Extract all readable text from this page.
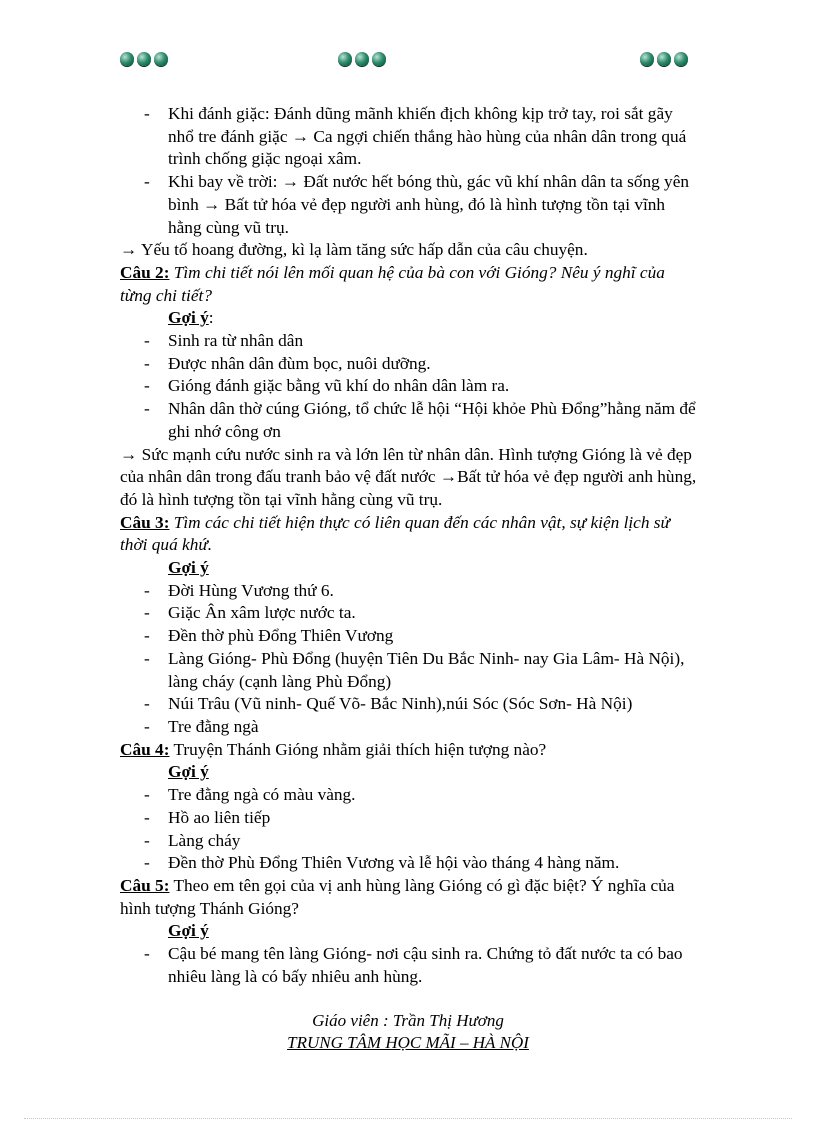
- Khi đánh giặc: Đánh dũng mãnh khiến địch không kịp trở tay, roi sắt gãy nhổ tre đánh giặc → Ca ngợi chiến thắng hào hùng của nhân dân trong quá trình chống giặc ngoại xâm.

- Khi bay về trời: → Đất nước hết bóng thù, gác vũ khí nhân dân ta sống yên bình → Bất tử hóa vẻ đẹp người anh hùng, đó là hình tượng tồn tại vĩnh hằng cùng vũ trụ.

→ Yếu tố hoang đường, kì lạ làm tăng sức hấp dẫn của câu chuyện.

Câu 2: Tìm chi tiết nói lên mối quan hệ của bà con với Gióng? Nêu ý nghĩ của từng chi tiết?

Gợi ý:

- Sinh ra từ nhân dân

- Được nhân dân đùm bọc, nuôi dưỡng.

- Gióng đánh giặc bằng vũ khí do nhân dân làm ra.

- Nhân dân thờ cúng Gióng, tổ chức lễ hội “Hội khỏe Phù Đổng”hằng năm để ghi nhớ công ơn

→ Sức mạnh cứu nước sinh ra và lớn lên từ nhân dân. Hình tượng Gióng là vẻ đẹp của nhân dân trong đấu tranh bảo vệ đất nước →Bất tử hóa vẻ đẹp người anh hùng, đó là hình tượng tồn tại vĩnh hằng cùng vũ trụ.

Câu 3: Tìm các chi tiết hiện thực có liên quan đến các nhân vật, sự kiện lịch sử thời quá khứ.

Gợi ý

- Đời Hùng Vương thứ 6.

- Giặc Ân xâm lược nước ta.

- Đền thờ phù Đổng Thiên Vương

- Làng Gióng- Phù Đổng (huyện Tiên Du Bắc Ninh- nay Gia Lâm- Hà Nội), làng cháy (cạnh làng Phù Đổng)

- Núi Trâu (Vũ ninh- Quế Võ- Bắc Ninh),núi Sóc (Sóc Sơn- Hà Nội)

- Tre đằng ngà

Câu 4: Truyện Thánh Gióng nhằm giải thích hiện tượng nào?

Gợi ý

- Tre đằng ngà có màu vàng.

- Hồ ao liên tiếp

- Làng cháy

- Đền thờ Phù Đổng Thiên Vương và lễ hội vào tháng 4 hàng năm.

Câu 5: Theo em tên gọi của vị anh hùng làng Gióng có gì đặc biệt? Ý nghĩa của hình tượng Thánh Gióng?

Gợi ý

- Cậu bé mang tên làng Gióng- nơi cậu sinh ra. Chứng tỏ đất nước ta có bao nhiêu làng là có bấy nhiêu anh hùng.

Giáo viên : Trần Thị Hương
TRUNG TÂM HỌC MÃI – HÀ NỘI
